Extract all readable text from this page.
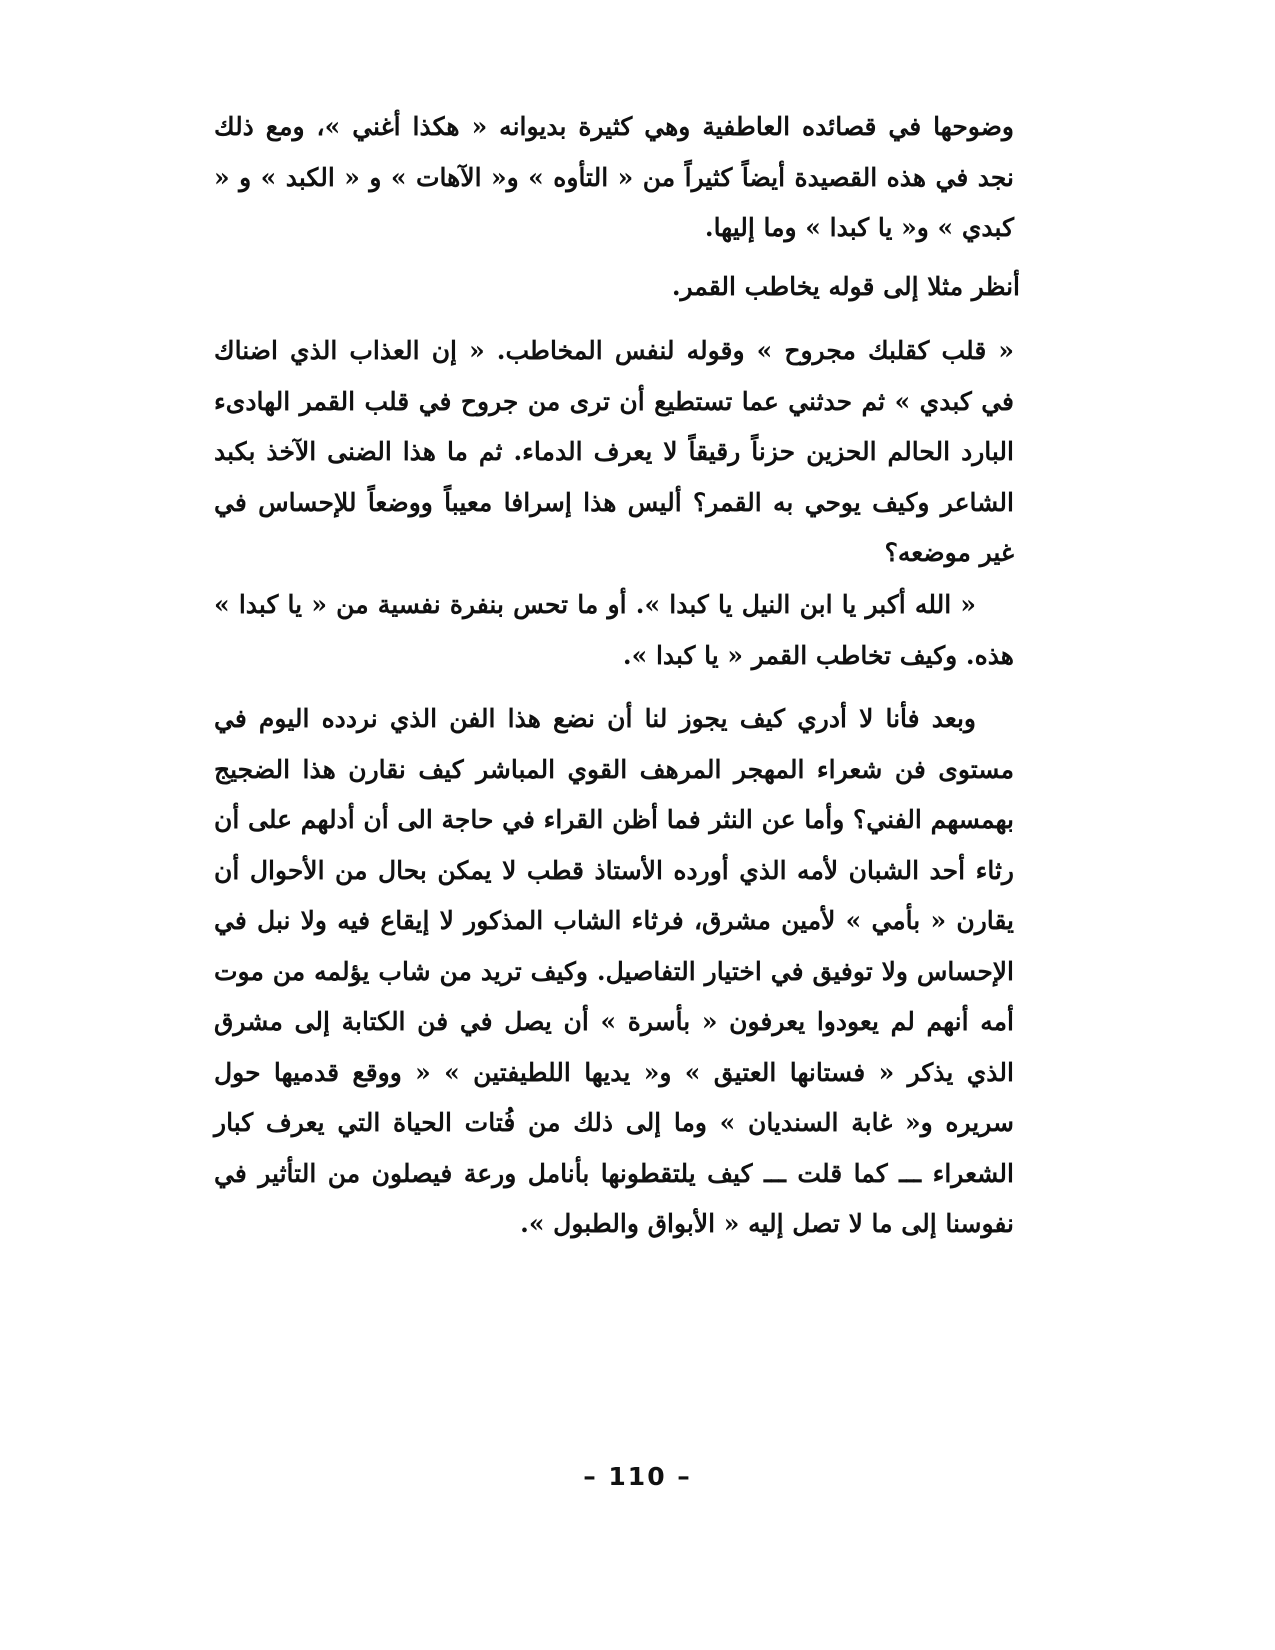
وضوحها في قصائده العاطفية وهي كثيرة بديوانه « هكذا أغني »، ومع ذلك نجد في هذه القصيدة أيضاً كثيراً من « التأوه » و« الآهات » و « الكبد » و « كبدي » و« يا كبدا » وما إليها.

أنظر مثلا إلى قوله يخاطب القمر.

« قلب كقلبك مجروح » وقوله لنفس المخاطب. « إن العذاب الذي اضناك في كبدي » ثم حدثني عما تستطيع أن ترى من جروح في قلب القمر الهادىء البارد الحالم الحزين حزناً رقيقاً لا يعرف الدماء. ثم ما هذا الضنى الآخذ بكبد الشاعر وكيف يوحي به القمر؟ أليس هذا إسرافا معيباً ووضعاً للإحساس في غير موضعه؟

« الله أكبر يا ابن النيل يا كبدا ». أو ما تحس بنفرة نفسية من « يا كبدا » هذه. وكيف تخاطب القمر « يا كبدا ».

وبعد فأنا لا أدري كيف يجوز لنا أن نضع هذا الفن الذي نردده اليوم في مستوى فن شعراء المهجر المرهف القوي المباشر كيف نقارن هذا الضجيج بهمسهم الفني؟ وأما عن النثر فما أظن القراء في حاجة الى أن أدلهم على أن رثاء أحد الشبان لأمه الذي أورده الأستاذ قطب لا يمكن بحال من الأحوال أن يقارن « بأمي » لأمين مشرق، فرثاء الشاب المذكور لا إيقاع فيه ولا نبل في الإحساس ولا توفيق في اختيار التفاصيل. وكيف تريد من شاب يؤلمه من موت أمه أنهم لم يعودوا يعرفون « بأسرة » أن يصل في فن الكتابة إلى مشرق الذي يذكر « فستانها العتيق » و« يديها اللطيفتين » « ووقع قدميها حول سريره و« غابة السنديان » وما إلى ذلك من فُتات الحياة التي يعرف كبار الشعراء ـــ كما قلت ـــ كيف يلتقطونها بأنامل ورعة فيصلون من التأثير في نفوسنا إلى ما لا تصل إليه « الأبواق والطبول ».

– 110 –
